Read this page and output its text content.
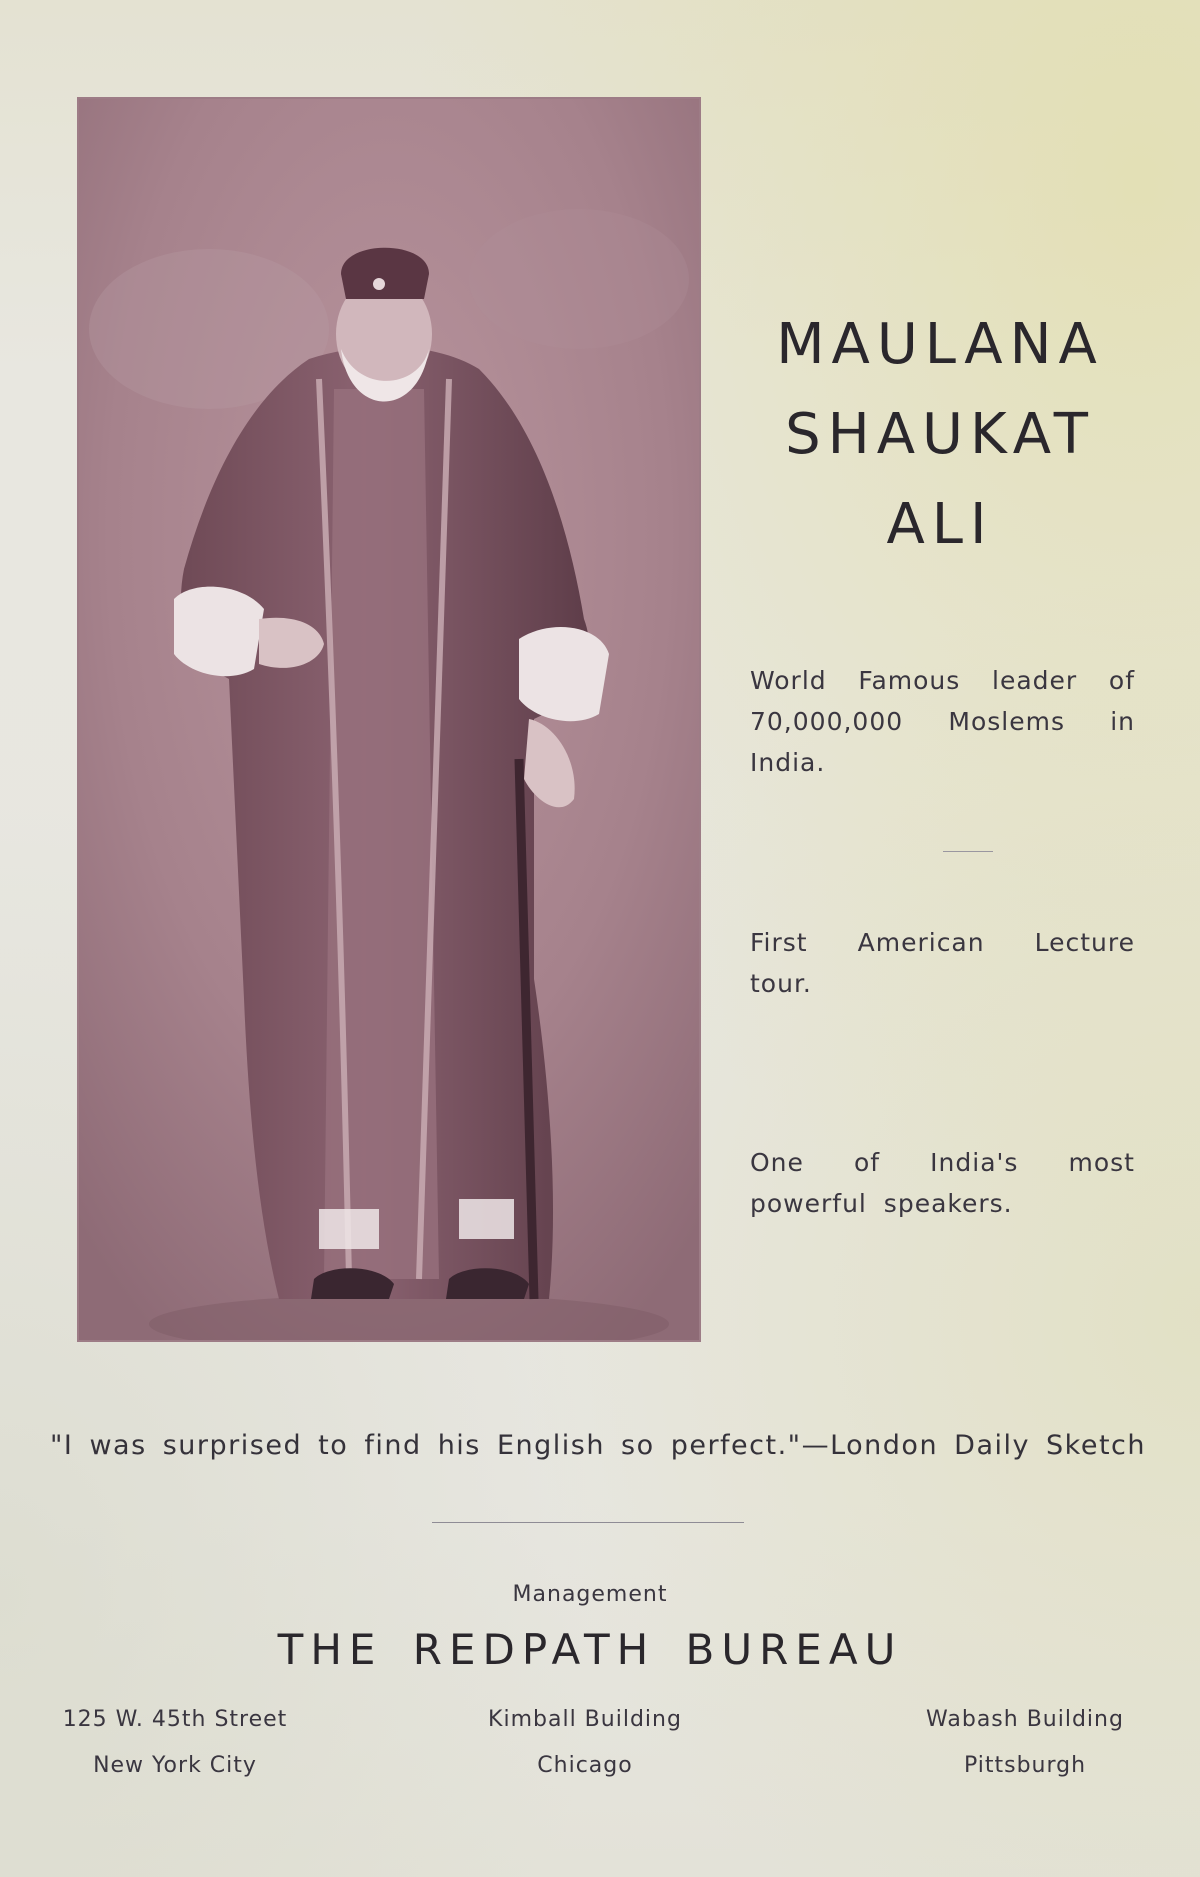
MAULANA
SHAUKAT
ALI
World Famous leader of 70,000,000 Moslems in India.
First American Lecture tour.
One of India's most powerful speakers.
"I was surprised to find his English so perfect."—London Daily Sketch
Management
THE REDPATH BUREAU
125 W. 45th Street
New York City
Kimball Building
Chicago
Wabash Building
Pittsburgh
